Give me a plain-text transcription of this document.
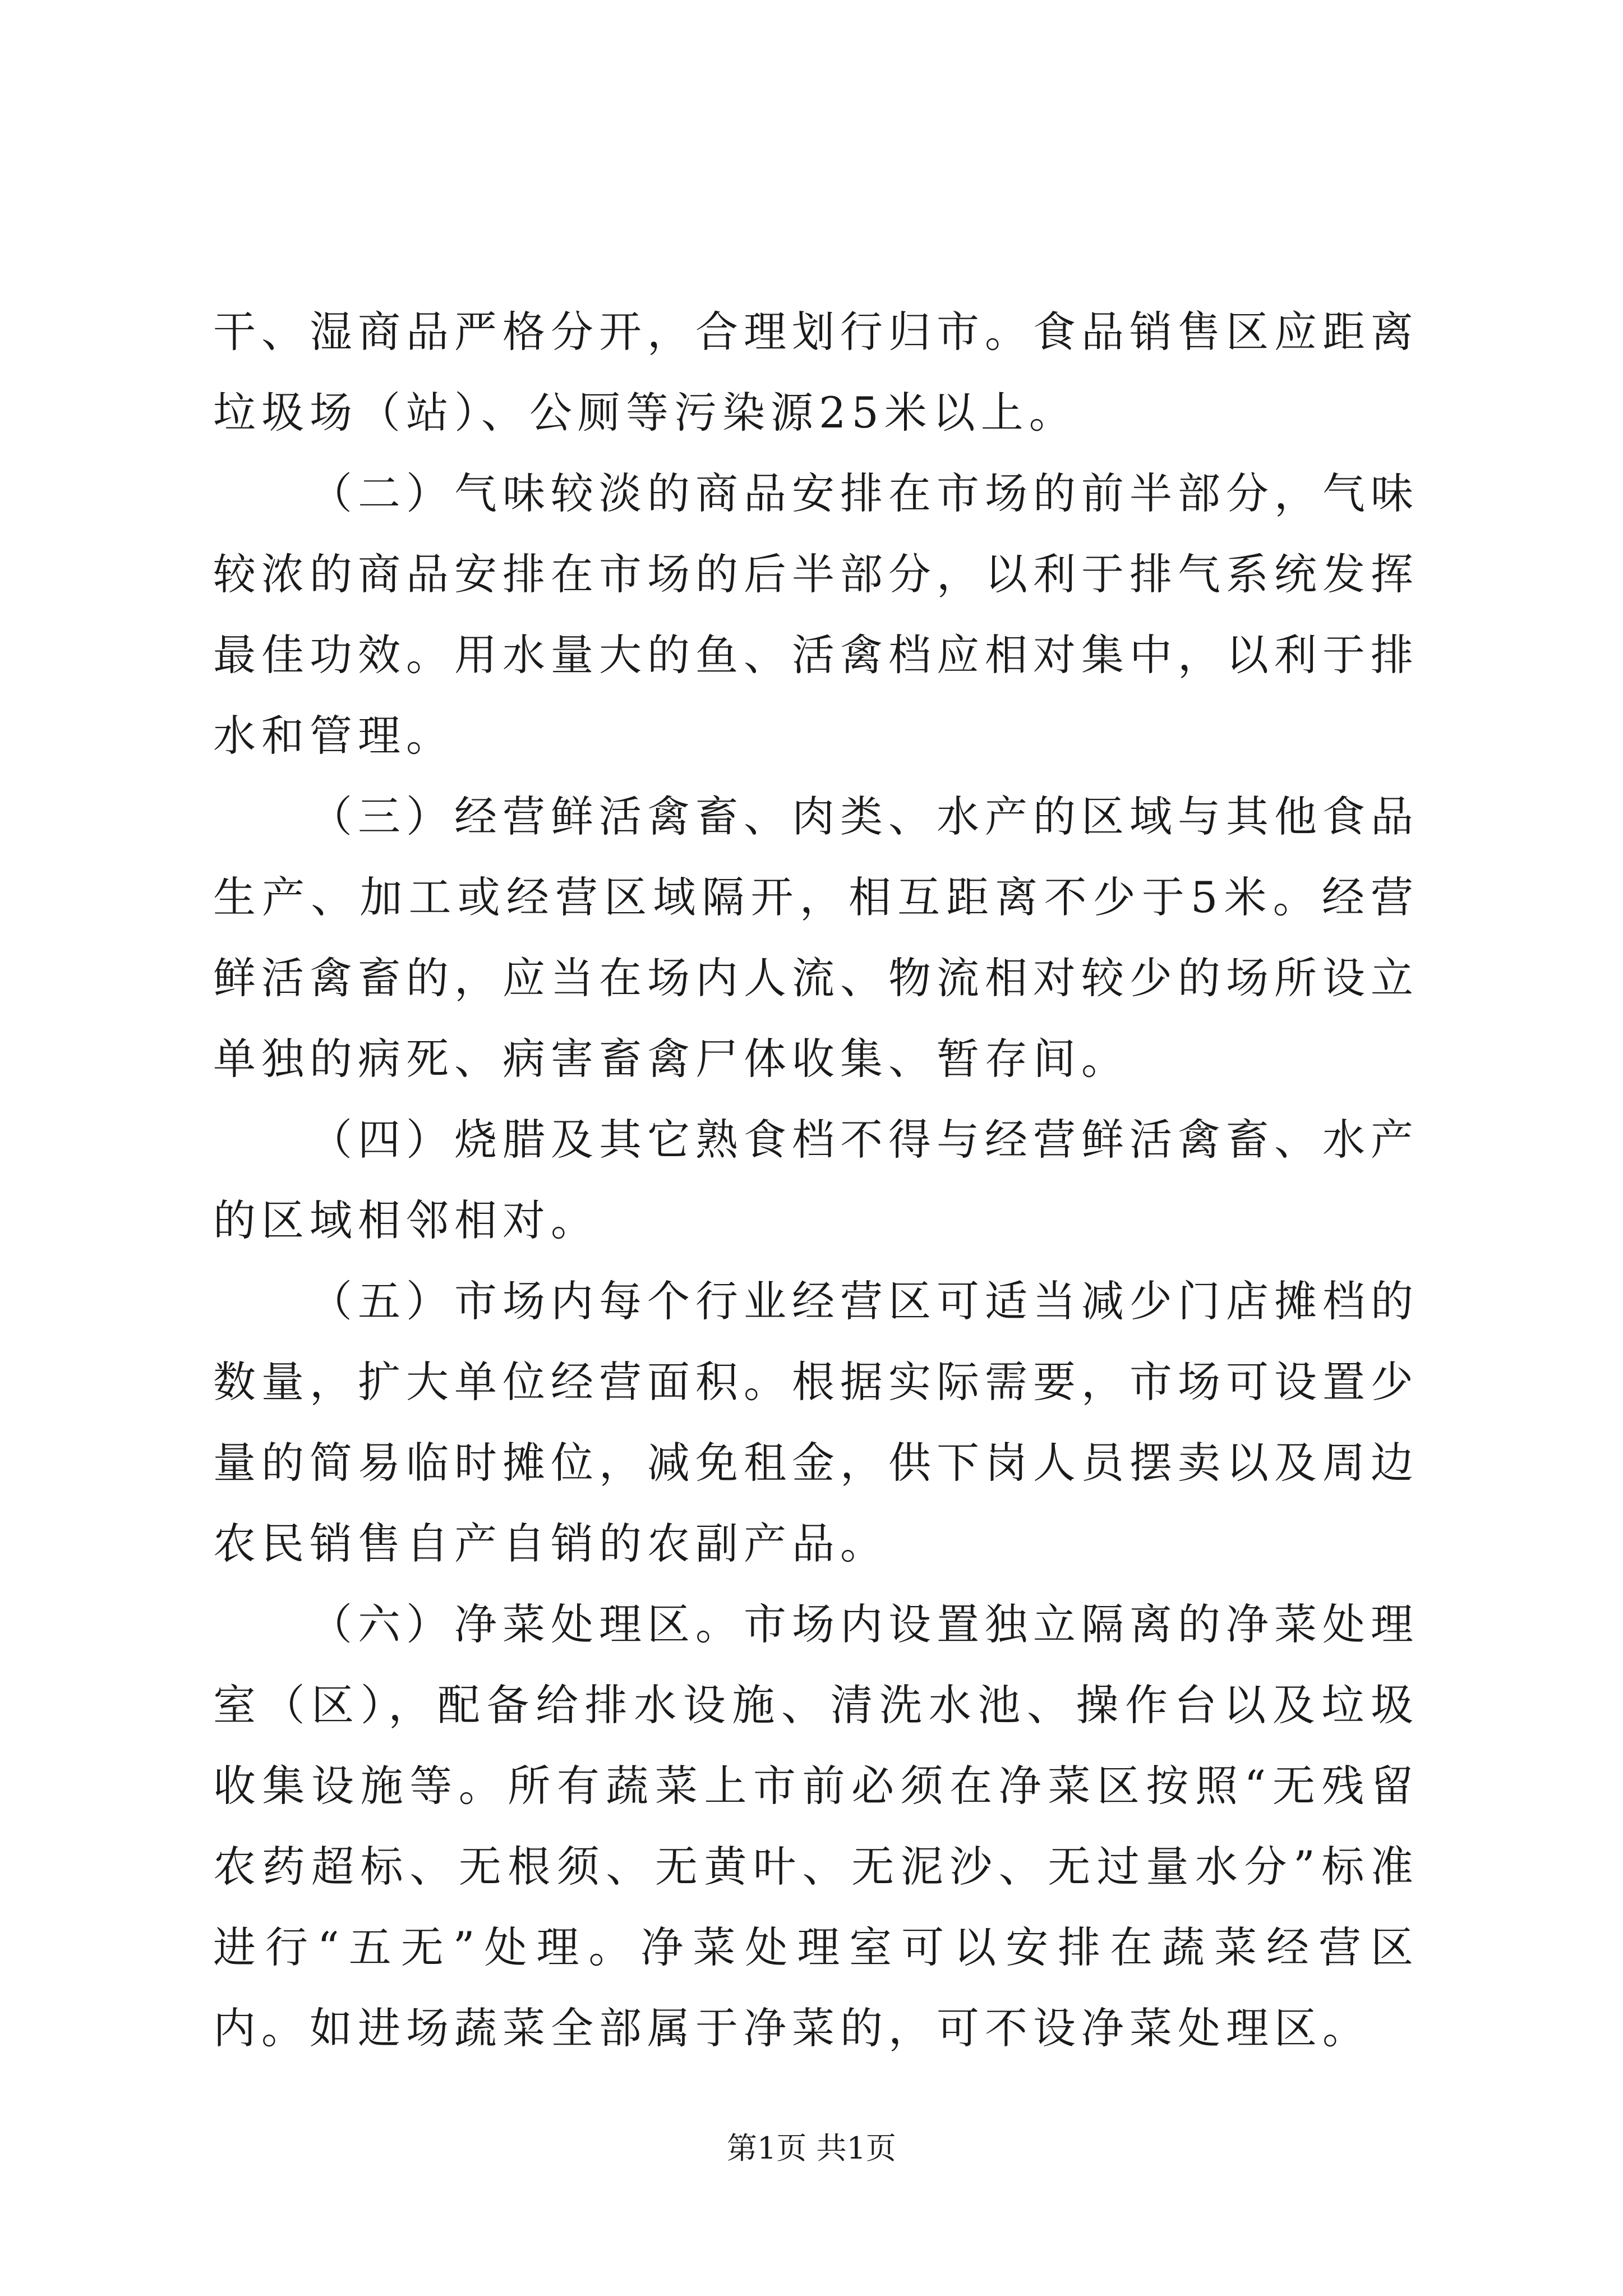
干、湿商品严格分开，合理划行归市。食品销售区应距离垃圾场（站）、公厕等污染源25米以上。

（二）气味较淡的商品安排在市场的前半部分，气味较浓的商品安排在市场的后半部分，以利于排气系统发挥最佳功效。用水量大的鱼、活禽档应相对集中，以利于排水和管理。

（三）经营鲜活禽畜、肉类、水产的区域与其他食品生产、加工或经营区域隔开，相互距离不少于5米。经营鲜活禽畜的，应当在场内人流、物流相对较少的场所设立单独的病死、病害畜禽尸体收集、暂存间。

（四）烧腊及其它熟食档不得与经营鲜活禽畜、水产的区域相邻相对。

（五）市场内每个行业经营区可适当减少门店摊档的数量，扩大单位经营面积。根据实际需要，市场可设置少量的简易临时摊位，减免租金，供下岗人员摆卖以及周边农民销售自产自销的农副产品。

（六）净菜处理区。市场内设置独立隔离的净菜处理室（区），配备给排水设施、清洗水池、操作台以及垃圾收集设施等。所有蔬菜上市前必须在净菜区按照“无残留农药超标、无根须、无黄叶、无泥沙、无过量水分”标准进行“五无”处理。净菜处理室可以安排在蔬菜经营区内。如进场蔬菜全部属于净菜的，可不设净菜处理区。

第1页 共1页
